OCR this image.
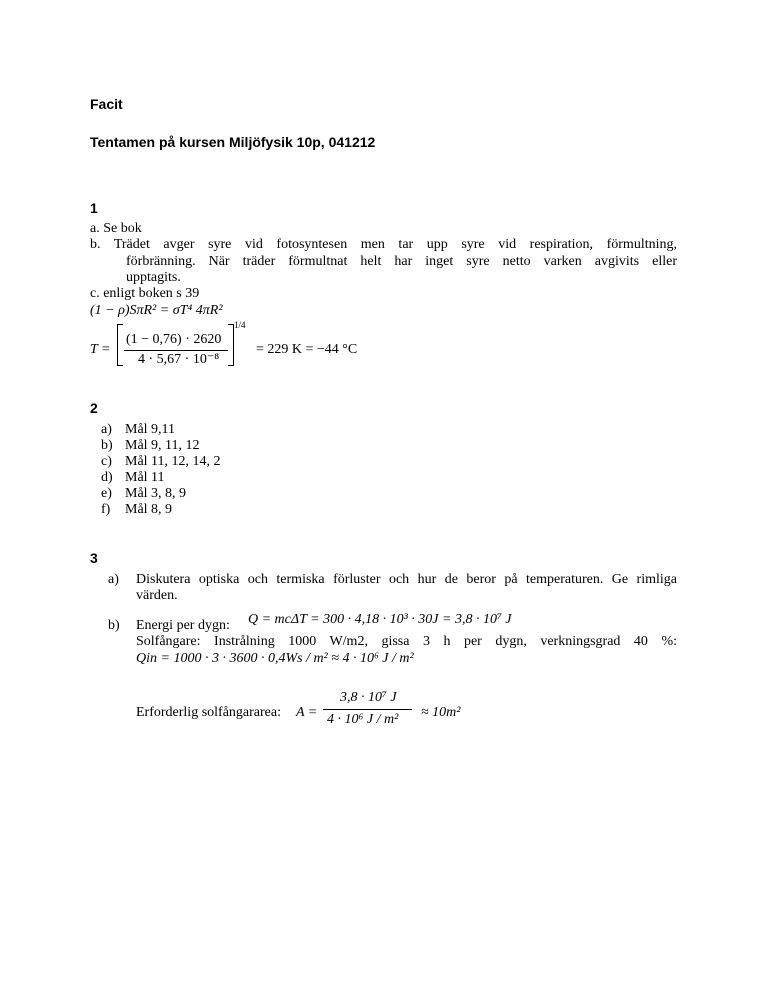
Facit
Tentamen på kursen Miljöfysik 10p, 041212
1
a. Se bok
b. Trädet avger syre vid fotosyntesen men tar upp syre vid respiration, förmultning,
förbränning. När träder förmultnat helt har inget syre netto varken avgivits eller
upptagits.
c. enligt boken s 39
(1 − ρ)SπR² = σT⁴ 4πR²
T =
(1 − 0,76) · 2620
4 · 5,67 · 10⁻⁸
1/4
= 229 K = −44 °C
2
a) Mål 9,11
b) Mål 9, 11, 12
c) Mål 11, 12, 14, 2
d) Mål 11
e) Mål 3, 8, 9
f) Mål 8, 9
3
a) Diskutera optiska och termiska förluster och hur de beror på temperaturen. Ge rimliga
värden.
b) Energi per dygn: Q = mcΔT = 300 · 4,18 · 10³ · 30J = 3,8 · 10⁷ J
Solfångare: Instrålning 1000 W/m2, gissa 3 h per dygn, verkningsgrad 40 %:
Qin = 1000 · 3 · 3600 · 0,4Ws / m² ≈ 4 · 10⁶ J / m²
Erforderlig solfångararea: A =
3,8 · 10⁷ J
4 · 10⁶ J / m² ≈ 10m²
